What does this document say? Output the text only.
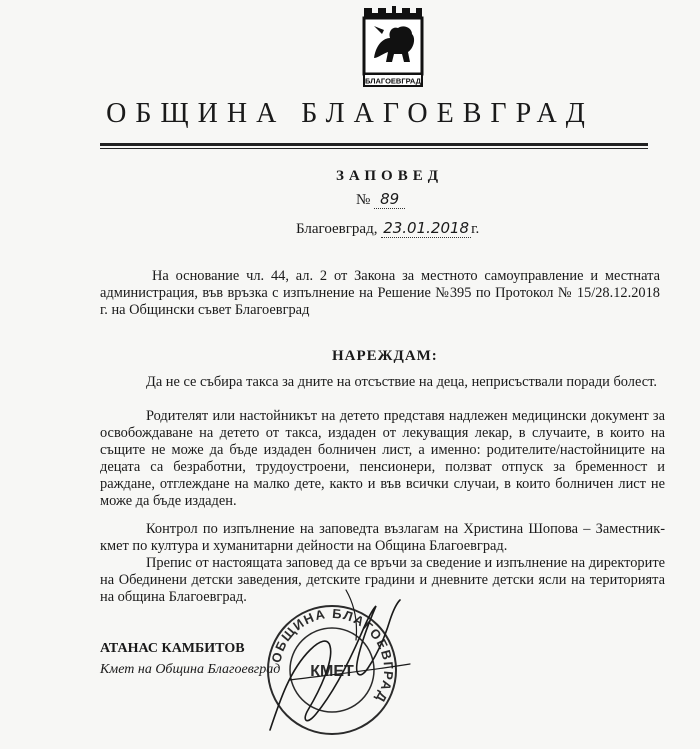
БЛАГОЕВГРАД
ОБЩИНА БЛАГОЕВГРАД
ЗАПОВЕД
№ 89
Благоевград, 23.01.2018 г.
На основание чл. 44, ал. 2 от Закона за местното самоуправление и местната администрация, във връзка с изпълнение на Решение №395 по Протокол № 15/28.12.2018 г. на Общински съвет Благоевград
НАРЕЖДАМ:
Да не се събира такса за дните на отсъствие на деца, неприсъствали поради болест.
Родителят или настойникът на детето представя надлежен медицински документ за освобождаване на детето от такса, издаден от лекуващия лекар, в случаите, в които на същите не може да бъде издаден болничен лист, а именно: родителите/настойниците на децата са безработни, трудоустроени, пенсионери, ползват отпуск за бременност и раждане, отглеждане на малко дете, както и във всички случаи, в които болничен лист не може да бъде издаден.
Контрол по изпълнение на заповедта възлагам на Христина Шопова – Заместник-кмет по култура и хуманитарни дейности на Община Благоевград.
Препис от настоящата заповед да се връчи за сведение и изпълнение на директорите на Обединени детски заведения, детските градини и дневните детски ясли на територията на община Благоевград.
АТАНАС КАМБИТОВ
Кмет на Община Благоевград
ОБЩИНА БЛАГОЕВГРАД
КМЕТ
